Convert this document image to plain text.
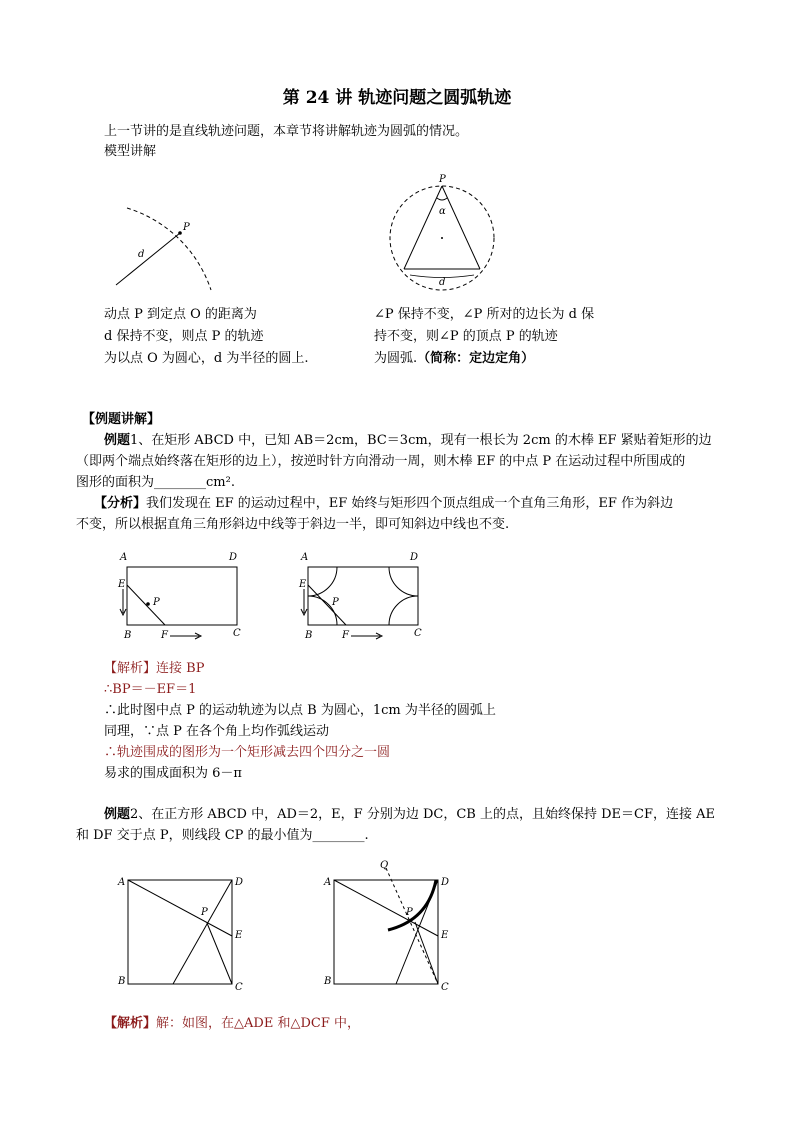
第 24 讲 轨迹问题之圆弧轨迹
上一节讲的是直线轨迹问题，本章节将讲解轨迹为圆弧的情况。
模型讲解
P
d
动点 P 到定点 O 的距离为
d 保持不变，则点 P 的轨迹
为以点 O 为圆心，d 为半径的圆上.
P
α
d
∠P 保持不变，∠P 所对的边长为 d 保
持不变，则∠P 的顶点 P 的轨迹
为圆弧.（简称：定边定角）
【例题讲解】
例题1、在矩形 ABCD 中，已知 AB＝2cm，BC＝3cm，现有一根长为 2cm 的木棒 EF 紧贴着矩形的边
（即两个端点始终落在矩形的边上），按逆时针方向滑动一周，则木棒 EF 的中点 P 在运动过程中所围成的
图形的面积为________cm².
【分析】我们发现在 EF 的运动过程中，EF 始终与矩形四个顶点组成一个直角三角形，EF 作为斜边
不变，所以根据直角三角形斜边中线等于斜边一半，即可知斜边中线也不变.
A	D
E
P
B	F	C
A	D
E
P
B	F	C
【解析】连接 BP
∴BP＝－EF＝1
∴此时图中点 P 的运动轨迹为以点 B 为圆心，1cm 为半径的圆弧上
同理，∵点 P 在各个角上均作弧线运动
∴轨迹围成的图形为一个矩形减去四个四分之一圆
易求的围成面积为 6－π
例题2、在正方形 ABCD 中，AD＝2，E，F 分别为边 DC，CB 上的点，且始终保持 DE＝CF，连接 AE
和 DF 交于点 P，则线段 CP 的最小值为________.
A	D
P
E
B
C
A
Q
D
P
E
B
C
【解析】解：如图，在△ADE 和△DCF 中，
